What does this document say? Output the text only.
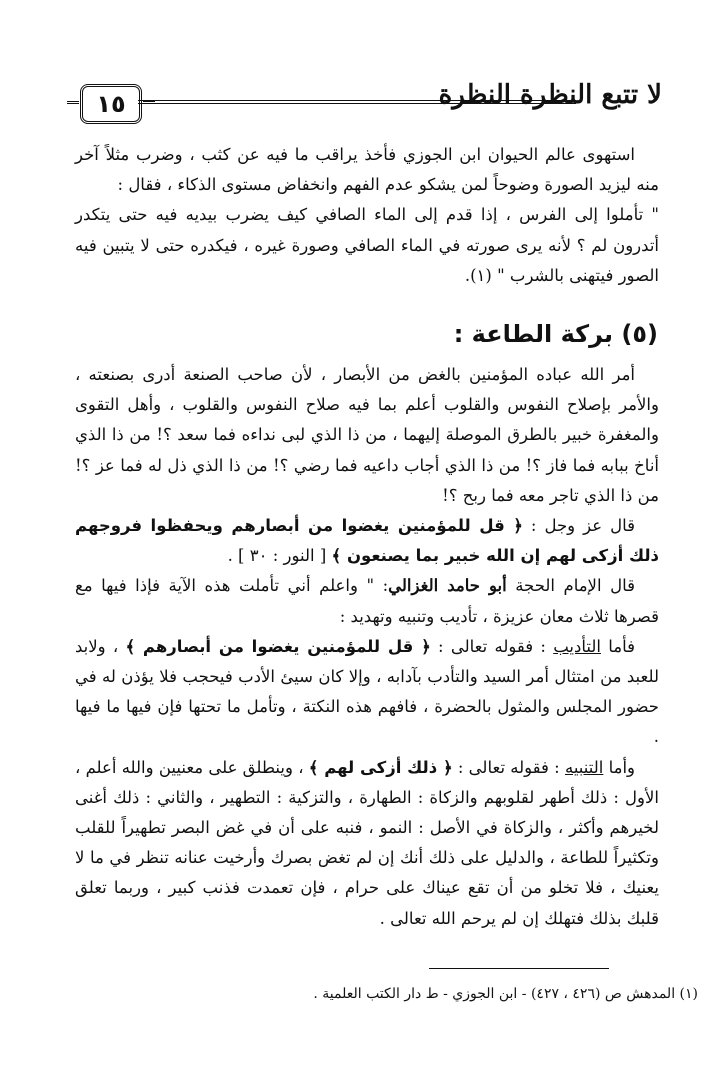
١٥	لا تتبع النظرة النظرة

استهوى عالم الحيوان ابن الجوزي فأخذ يراقب ما فيه عن كثب ، وضرب مثلاً آخر منه ليزيد الصورة وضوحاً لمن يشكو عدم الفهم وانخفاض مستوى الذكاء ، فقال :

" تأملوا إلى الفرس ، إذا قدم إلى الماء الصافي كيف يضرب بيديه فيه حتى يتكدر أتدرون لم ؟ لأنه يرى صورته في الماء الصافي وصورة غيره ، فيكدره حتى لا يتبين فيه الصور فيتهنى بالشرب " (١).

(٥) بركة الطاعة :

أمر الله عباده المؤمنين بالغض من الأبصار ، لأن صاحب الصنعة أدرى بصنعته ، والأمر بإصلاح النفوس والقلوب أعلم بما فيه صلاح النفوس والقلوب ، وأهل التقوى والمغفرة خبير بالطرق الموصلة إليهما ، من ذا الذي لبى نداءه فما سعد ؟! من ذا الذي أناخ ببابه فما فاز ؟! من ذا الذي أجاب داعيه فما رضي ؟! من ذا الذي ذل له فما عز ؟! من ذا الذي تاجر معه فما ربح ؟!

قال عز وجل : ﴿ قل للمؤمنين يغضوا من أبصارهم ويحفظوا فروجهم ذلك أزكى لهم إن الله خبير بما يصنعون ﴾ [ النور : ٣٠ ] .

قال الإمام الحجة أبو حامد الغزالي: " واعلم أني تأملت هذه الآية فإذا فيها مع قصرها ثلاث معان عزيزة ، تأديب وتنبيه وتهديد :

فأما التأديب : فقوله تعالى : ﴿ قل للمؤمنين يغضوا من أبصارهم ﴾ ، ولابد للعبد من امتثال أمر السيد والتأدب بآدابه ، وإلا كان سيئ الأدب فيحجب فلا يؤذن له في حضور المجلس والمثول بالحضرة ، فافهم هذه النكتة ، وتأمل ما تحتها فإن فيها ما فيها .

وأما التنبيه : فقوله تعالى : ﴿ ذلك أزكى لهم ﴾ ، وينطلق على معنيين والله أعلم ، الأول : ذلك أطهر لقلوبهم والزكاة : الطهارة ، والتزكية : التطهير ، والثاني : ذلك أغنى لخيرهم وأكثر ، والزكاة في الأصل : النمو ، فنبه على أن في غض البصر تطهيراً للقلب وتكثيراً للطاعة ، والدليل على ذلك أنك إن لم تغض بصرك وأرخيت عنانه تنظر في ما لا يعنيك ، فلا تخلو من أن تقع عيناك على حرام ، فإن تعمدت فذنب كبير ، وربما تعلق قلبك بذلك فتهلك إن لم يرحم الله تعالى .

(١) المدهش ص (٤٢٦ ، ٤٢٧) - ابن الجوزي - ط دار الكتب العلمية .
